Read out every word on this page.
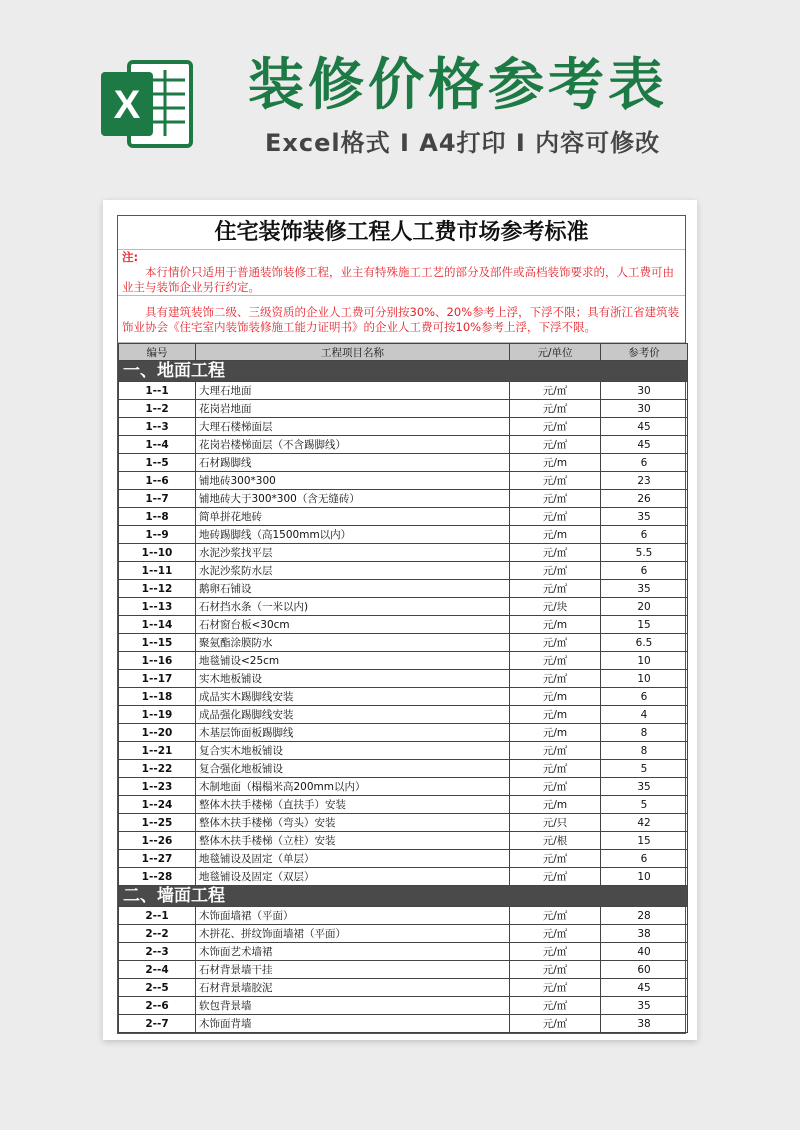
X 装修价格参考表
Excel格式 Ⅰ A4打印 Ⅰ 内容可修改
住宅装饰装修工程人工费市场参考标准
注:
本行情价只适用于普通装饰装修工程，业主有特殊施工工艺的部分及部件或高档装饰要求的，人工费可由业主与装饰企业另行约定。
具有建筑装饰二级、三级资质的企业人工费可分别按30%、20%参考上浮，下浮不限；具有浙江省建筑装饰业协会《住宅室内装饰装修施工能力证明书》的企业人工费可按10%参考上浮，下浮不限。
编号	工程项目名称	元/单位	参考价
一、地面工程			
1--1	大理石地面	元/㎡	30
1--2	花岗岩地面	元/㎡	30
1--3	大理石楼梯面层	元/㎡	45
1--4	花岗岩楼梯面层（不含踢脚线）	元/㎡	45
1--5	石材踢脚线	元/m	6
1--6	铺地砖300*300	元/㎡	23
1--7	铺地砖大于300*300（含无缝砖）	元/㎡	26
1--8	简单拼花地砖	元/㎡	35
1--9	地砖踢脚线（高1500mm以内）	元/m	6
1--10	水泥沙浆找平层	元/㎡	5.5
1--11	水泥沙浆防水层	元/㎡	6
1--12	鹅卵石铺设	元/㎡	35
1--13	石材挡水条（一米以内)	元/块	20
1--14	石材窗台板<30cm	元/m	15
1--15	聚氨酯涂膜防水	元/㎡	6.5
1--16	地毯铺设<25cm	元/㎡	10
1--17	实木地板铺设	元/㎡	10
1--18	成品实木踢脚线安装	元/m	6
1--19	成品强化踢脚线安装	元/m	4
1--20	木基层饰面板踢脚线	元/m	8
1--21	复合实木地板铺设	元/㎡	8
1--22	复合强化地板铺设	元/㎡	5
1--23	木制地面（榻榻米高200mm以内）	元/㎡	35
1--24	整体木扶手楼梯（直扶手）安装	元/m	5
1--25	整体木扶手楼梯（弯头）安装	元/只	42
1--26	整体木扶手楼梯（立柱）安装	元/根	15
1--27	地毯铺设及固定（单层）	元/㎡	6
1--28	地毯铺设及固定（双层）	元/㎡	10
二、墙面工程			
2--1	木饰面墙裙（平面）	元/㎡	28
2--2	木拼花、拼纹饰面墙裙（平面）	元/㎡	38
2--3	木饰面艺术墙裙	元/㎡	40
2--4	石材背景墙干挂	元/㎡	60
2--5	石材背景墙胶泥	元/㎡	45
2--6	软包背景墙	元/㎡	35
2--7	木饰面背墙	元/㎡	38
